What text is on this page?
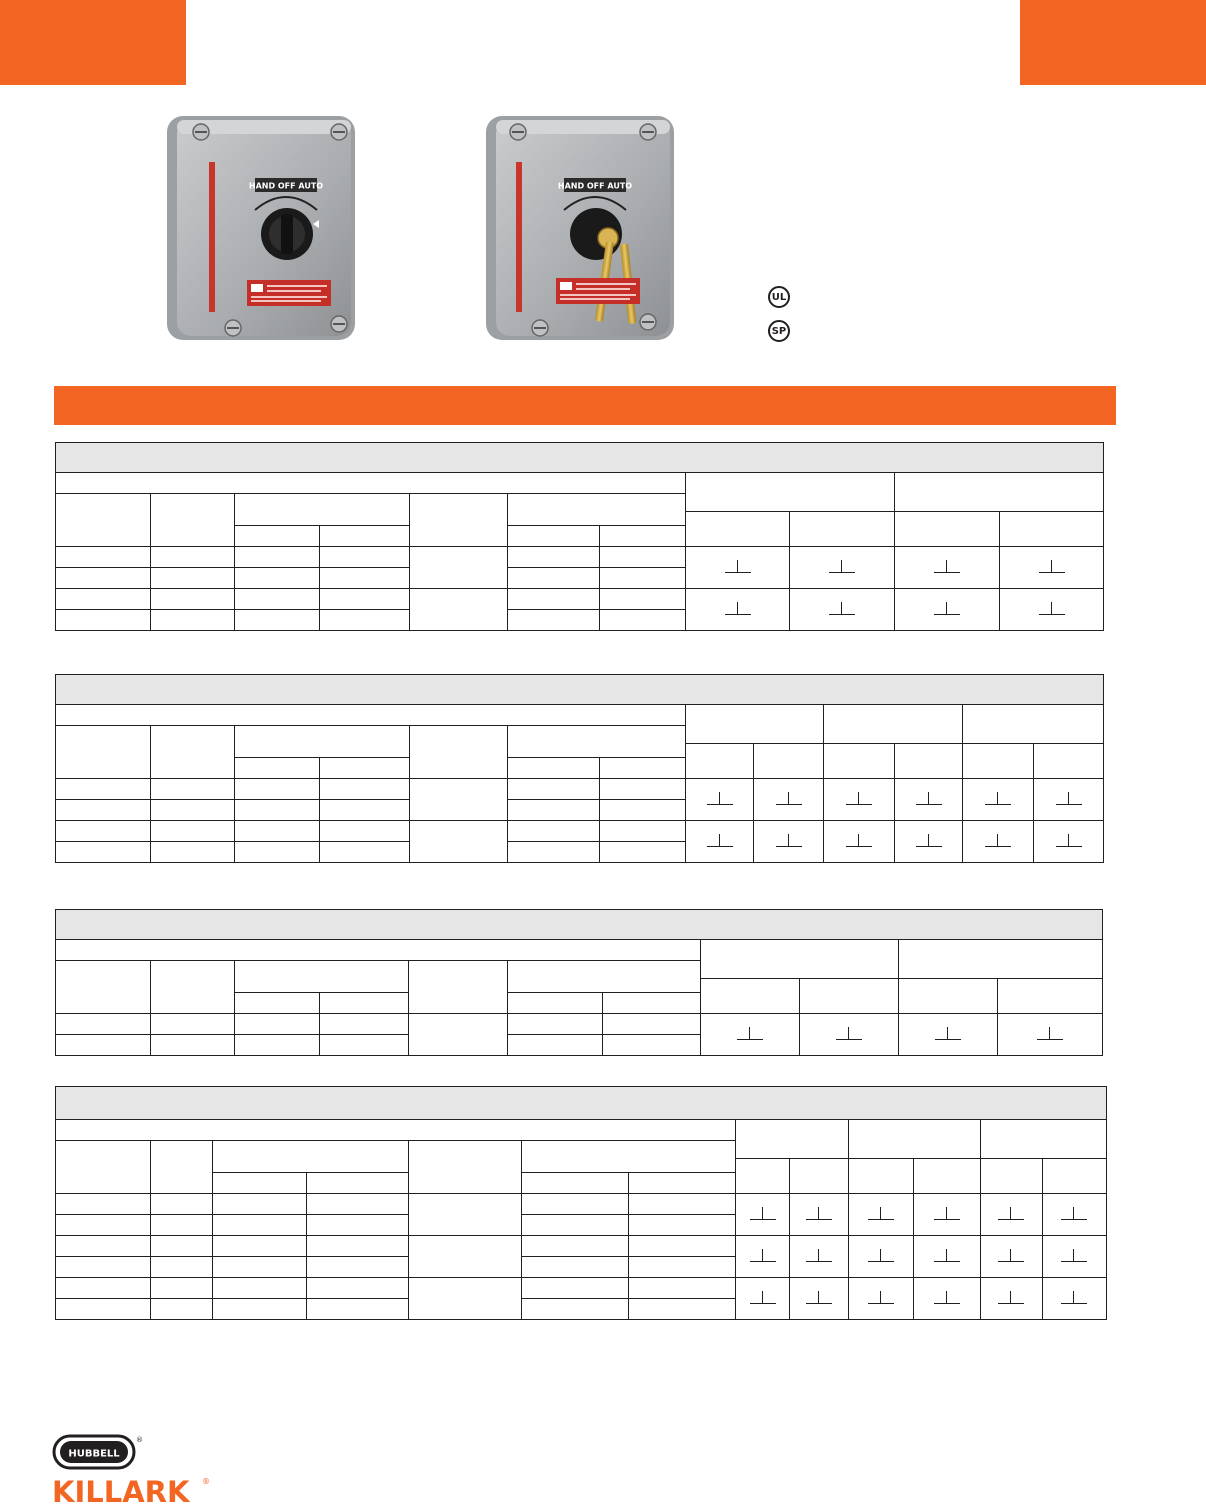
HAND OFF AUTO	HAND OFF AUTO
UL
SP

HUBBELL
®
KILLARK ®
